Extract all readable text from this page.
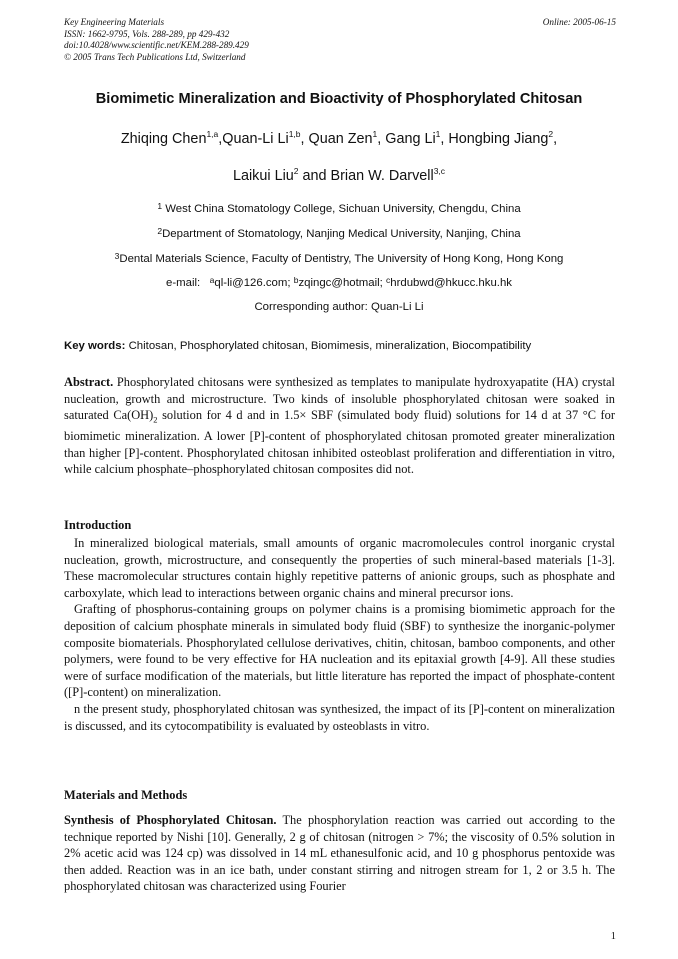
Key Engineering Materials
ISSN: 1662-9795, Vols. 288-289, pp 429-432
doi:10.4028/www.scientific.net/KEM.288-289.429
© 2005 Trans Tech Publications Ltd, Switzerland
Online: 2005-06-15
Biomimetic Mineralization and Bioactivity of Phosphorylated Chitosan
Zhiqing Chen$^{1,a}$,Quan-Li Li$^{1,b}$, Quan Zen$^1$, Gang Li$^1$, Hongbing Jiang$^2$,
Laikui Liu$^2$ and Brian W. Darvell$^{3,c}$
$^1$ West China Stomatology College, Sichuan University, Chengdu, China
$^2$Department of Stomatology, Nanjing Medical University, Nanjing, China
$^3$Dental Materials Science, Faculty of Dentistry, The University of Hong Kong, Hong Kong
e-mail:   $^a$ql-li@126.com; $^b$zqingc@hotmail; $^c$hrdubwd@hkucc.hku.hk
Corresponding author: Quan-Li Li
Key words: Chitosan, Phosphorylated chitosan, Biomimesis, mineralization, Biocompatibility
Abstract. Phosphorylated chitosans were synthesized as templates to manipulate hydroxyapatite (HA) crystal nucleation, growth and microstructure. Two kinds of insoluble phosphorylated chitosan were soaked in saturated $Ca(OH)_2$ solution for 4 d and in 1.5× SBF (simulated body fluid) solutions for 14 d at 37 °C for biomimetic mineralization. A lower [P]-content of phosphorylated chitosan promoted greater mineralization than higher [P]-content. Phosphorylated chitosan inhibited osteoblast proliferation and differentiation in vitro, while calcium phosphate–phosphorylated chitosan composites did not.
Introduction

In mineralized biological materials, small amounts of organic macromolecules control inorganic crystal nucleation, growth, microstructure, and consequently the properties of such mineral-based materials [1-3]. These macromolecular structures contain highly repetitive patterns of anionic groups, such as phosphate and carboxylate, which lead to interactions between organic chains and mineral precursor ions.

Grafting of phosphorus-containing groups on polymer chains is a promising biomimetic approach for the deposition of calcium phosphate minerals in simulated body fluid (SBF) to synthesize the inorganic-polymer composite biomaterials. Phosphorylated cellulose derivatives, chitin, chitosan, bamboo components, and other polymers, were found to be very effective for HA nucleation and its epitaxial growth [4-9]. All these studies were of surface modification of the materials, but little literature has reported the impact of phosphate-content ([P]-content) on mineralization.

n the present study, phosphorylated chitosan was synthesized, the impact of its [P]-content on mineralization is discussed, and its cytocompatibility is evaluated by osteoblasts in vitro.

Materials and Methods
Synthesis of Phosphorylated Chitosan. The phosphorylation reaction was carried out according to the technique reported by Nishi [10]. Generally, 2 g of chitosan (nitrogen > 7%; the viscosity of 0.5% solution in 2% acetic acid was 124 cp) was dissolved in 14 mL ethanesulfonic acid, and 10 g phosphorus pentoxide was then added. Reaction was in an ice bath, under constant stirring and nitrogen stream for 1, 2 or 3.5 h. The phosphorylated chitosan was characterized using Fourier
1
